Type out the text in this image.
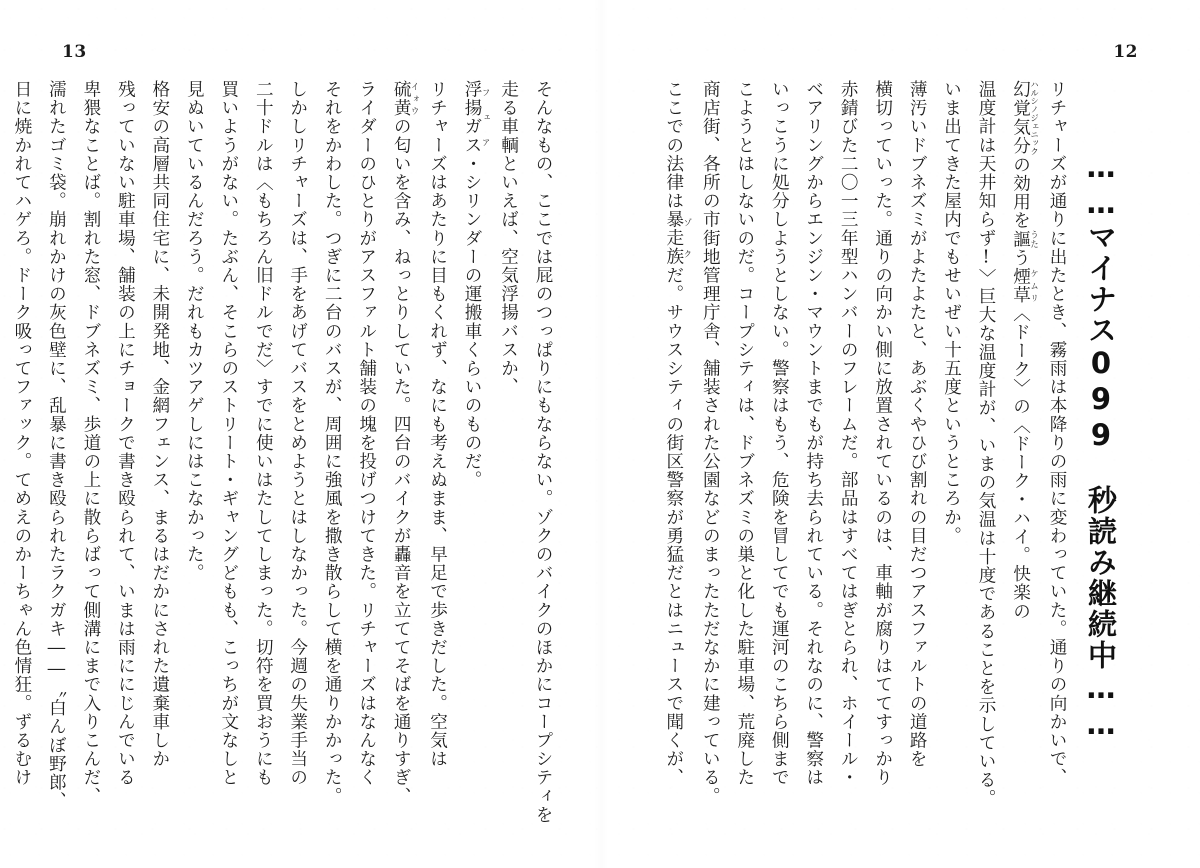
13
そんなもの、ここでは屁のつっぱりにもならない。ゾクのバイクのほかにコープシティを
走る車輌といえば、空気浮揚バスか、
浮揚ガス フェア・シリンダーの運搬車くらいのものだ。
リチャーズはあたりに目もくれず、なにも考えぬまま、早足で歩きだした。空気は
硫黄 イォウの匂いを含み、ねっとりしていた。四台のバイクが轟音を立ててそばを通りすぎ、
ライダーのひとりがアスファルト舗装の塊を投げつけてきた。リチャーズはなんなく
それをかわした。つぎに二台のバスが、周囲に強風を撒き散らして横を通りかかった。
しかしリチャーズは、手をあげてバスをとめようとはしなかった。今週の失業手当の
二十ドルは〈もちろん旧ドルでだ〉すでに使いはたしてしまった。切符を買おうにも
買いようがない。たぶん、そこらのストリート・ギャングどもも、こっちが文なしと
見ぬいているんだろう。だれもカツアゲしにはこなかった。
格安の高層共同住宅に、未開発地、金網フェンス、まるはだかにされた遺棄車しか
残っていない駐車場、舗装の上にチョークで書き殴られて、いまは雨ににじんでいる
卑猥なことば。割れた窓、ドブネズミ、歩道の上に散らばって側溝にまで入りこんだ、
濡れたゴミ袋。崩れかけの灰色壁に、乱暴に書き殴られたラクガキ――〝白んぼ野郎、
日に焼かれてハゲろ。ドーク吸ってファック。てめえのかーちゃん色情狂。ずるむけ
12
……マイナス099　秒読み継続中……
リチャーズが通りに出たとき、霧雨は本降りの雨に変わっていた。通りの向かいで、
幻覚気分 ハルシノジェニックの効用を謳 うたう煙草 ケムリ〈ドーク〉の〈ドーク・ハイ。快楽の
温度計は天井知らず!〉巨大な温度計が、いまの気温は十度であることを示している。
いま出てきた屋内でもせいぜい十五度というところか。
薄汚いドブネズミがよたよたと、あぶくやひび割れの目だつアスファルトの道路を
横切っていった。通りの向かい側に放置されているのは、車軸が腐りはててすっかり
赤錆びた二〇一三年型ハンバーのフレームだ。部品はすべてはぎとられ、ホイール・
ベアリングからエンジン・マウントまでもが持ち去られている。それなのに、警察は
いっこうに処分しようとしない。警察はもう、危険を冒してでも運河のこちら側まで
こようとはしないのだ。コープシティは、ドブネズミの巣と化した駐車場、荒廃した
商店街、各所の市街地管理庁舎、舗装された公園などのまったただなかに建っている。
ここでの法律は暴走族 ゾクだ。サウスシティの街区警察が勇猛だとはニュースで聞くが、
